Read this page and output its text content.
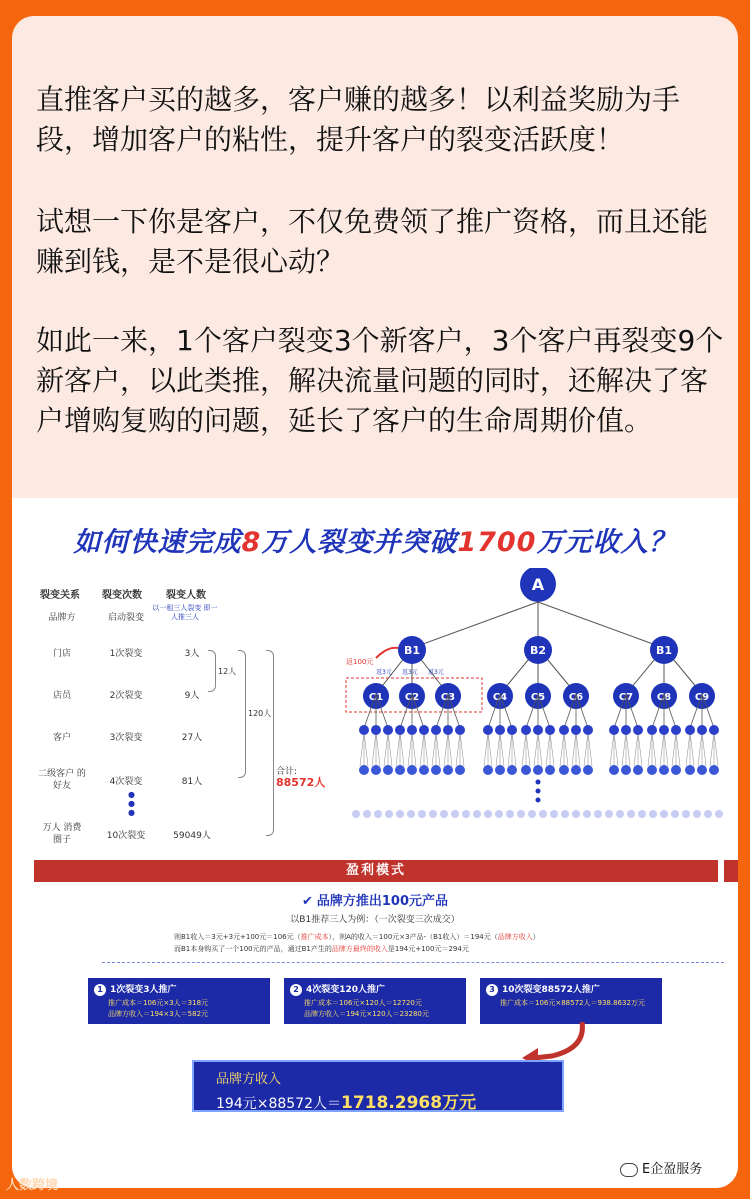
直推客户买的越多，客户赚的越多！以利益奖励为手段，增加客户的粘性，提升客户的裂变活跃度！
试想一下你是客户，不仅免费领了推广资格，而且还能赚到钱，是不是很心动？
如此一来，1个客户裂变3个新客户，3个客户再裂变9个新客户，以此类推，解决流量问题的同时，还解决了客户增购复购的问题，延长了客户的生命周期价值。
如何快速完成8万人裂变并突破1700万元收入？
裂变关系 裂变次数 裂变人数
品牌方	启动裂变
以一租三人裂变 即一人推三人
门店	1次裂变	3人
店员	2次裂变	9人
客户	3次裂变	27人
二级客户 的好友	4次裂变	81人
●
●
●
万人 消费圈子	10次裂变	59049人
12人
120人
合计:
88572人
A
B1	B2	B1
C1 C2 C3	C4 C5 C6	C7 C8 C9
返100元
返3元 返3元 返3元
盈利模式
✔ 品牌方推出100元产品
以B1推荐三人为例：（一次裂变三次成交）
则B1收入＝3元+3元+100元＝106元（推广成本），则A的收入＝100元×3产品-（B1收入）＝194元（品牌方收入）
而B1本身购买了一个100元的产品，通过B1产生的品牌方最终的收入是194元+100元＝294元
1 1次裂变3人推广
推广成本＝106元×3人＝318元
品牌方收入＝194×3人＝582元
2 4次裂变120人推广
推广成本＝106元×120人＝12720元
品牌方收入＝194元×120人＝23280元
3 10次裂变88572人推广
推广成本＝106元×88572人＝938.8632万元
品牌方收入
194元×88572人＝1718.2968万元
人数跨境
E企盈服务
